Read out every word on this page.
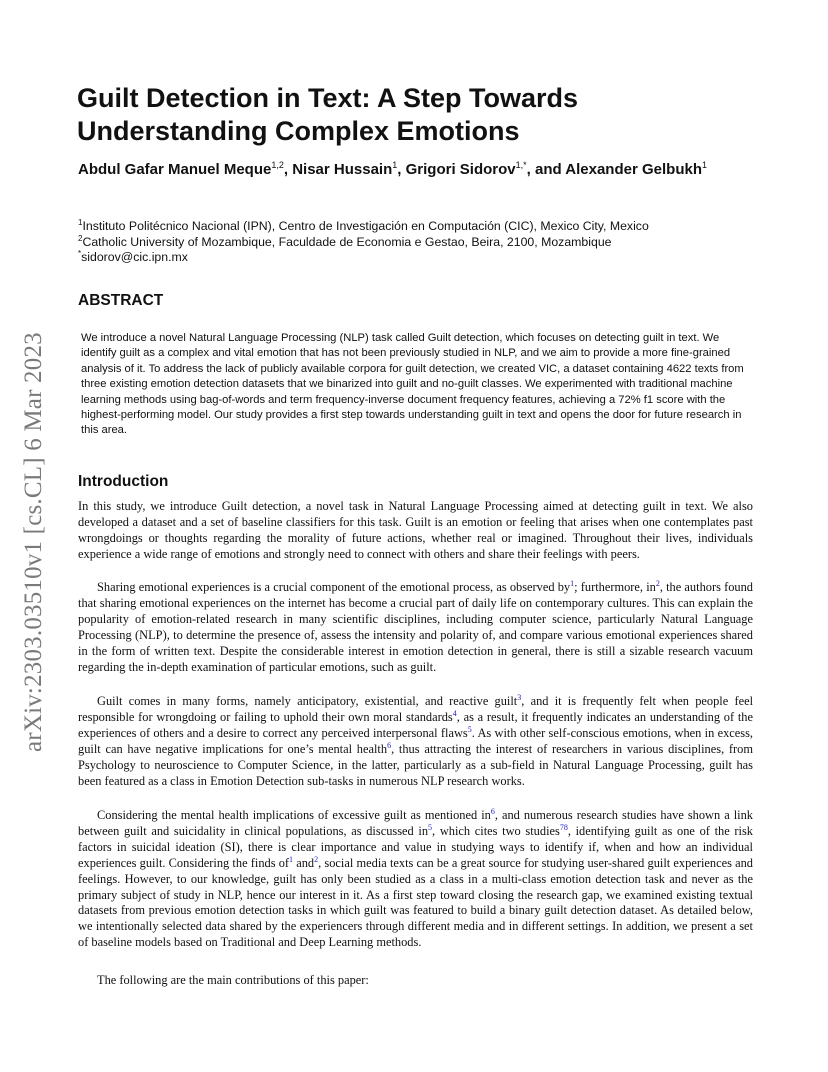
arXiv:2303.03510v1 [cs.CL] 6 Mar 2023
Guilt Detection in Text: A Step Towards Understanding Complex Emotions

Abdul Gafar Manuel Meque$^{1,2}$, Nisar Hussain$^1$, Grigori Sidorov$^{1,*}$, and Alexander Gelbukh$^1$

$^1$Instituto Politécnico Nacional (IPN), Centro de Investigación en Computación (CIC), Mexico City, Mexico
$^2$Catholic University of Mozambique, Faculdade de Economia e Gestao, Beira, 2100, Mozambique
*sidorov@cic.ipn.mx
ABSTRACT

We introduce a novel Natural Language Processing (NLP) task called Guilt detection, which focuses on detecting guilt in text. We identify guilt as a complex and vital emotion that has not been previously studied in NLP, and we aim to provide a more fine-grained analysis of it. To address the lack of publicly available corpora for guilt detection, we created VIC, a dataset containing 4622 texts from three existing emotion detection datasets that we binarized into guilt and no-guilt classes. We experimented with traditional machine learning methods using bag-of-words and term frequency-inverse document frequency features, achieving a 72% f1 score with the highest-performing model. Our study provides a first step towards understanding guilt in text and opens the door for future research in this area.

Introduction

In this study, we introduce Guilt detection, a novel task in Natural Language Processing aimed at detecting guilt in text. We also developed a dataset and a set of baseline classifiers for this task. Guilt is an emotion or feeling that arises when one contemplates past wrongdoings or thoughts regarding the morality of future actions, whether real or imagined. Throughout their lives, individuals experience a wide range of emotions and strongly need to connect with others and share their feelings with peers.

Sharing emotional experiences is a crucial component of the emotional process, as observed by$^1$; furthermore, in$^2$, the authors found that sharing emotional experiences on the internet has become a crucial part of daily life on contemporary cultures. This can explain the popularity of emotion-related research in many scientific disciplines, including computer science, particularly Natural Language Processing (NLP), to determine the presence of, assess the intensity and polarity of, and compare various emotional experiences shared in the form of written text. Despite the considerable interest in emotion detection in general, there is still a sizable research vacuum regarding the in-depth examination of particular emotions, such as guilt.

Guilt comes in many forms, namely anticipatory, existential, and reactive guilt$^3$, and it is frequently felt when people feel responsible for wrongdoing or failing to uphold their own moral standards$^4$, as a result, it frequently indicates an understanding of the experiences of others and a desire to correct any perceived interpersonal flaws$^5$. As with other self-conscious emotions, when in excess, guilt can have negative implications for one’s mental health$^6$, thus attracting the interest of researchers in various disciplines, from Psychology to neuroscience to Computer Science, in the latter, particularly as a sub-field in Natural Language Processing, guilt has been featured as a class in Emotion Detection sub-tasks in numerous NLP research works.

Considering the mental health implications of excessive guilt as mentioned in$^6$, and numerous research studies have shown a link between guilt and suicidality in clinical populations, as discussed in$^5$, which cites two studies$^{78}$, identifying guilt as one of the risk factors in suicidal ideation (SI), there is clear importance and value in studying ways to identify if, when and how an individual experiences guilt. Considering the finds of$^1$ and$^2$, social media texts can be a great source for studying user-shared guilt experiences and feelings. However, to our knowledge, guilt has only been studied as a class in a multi-class emotion detection task and never as the primary subject of study in NLP, hence our interest in it. As a first step toward closing the research gap, we examined existing textual datasets from previous emotion detection tasks in which guilt was featured to build a binary guilt detection dataset. As detailed below, we intentionally selected data shared by the experiencers through different media and in different settings. In addition, we present a set of baseline models based on Traditional and Deep Learning methods.

The following are the main contributions of this paper:
